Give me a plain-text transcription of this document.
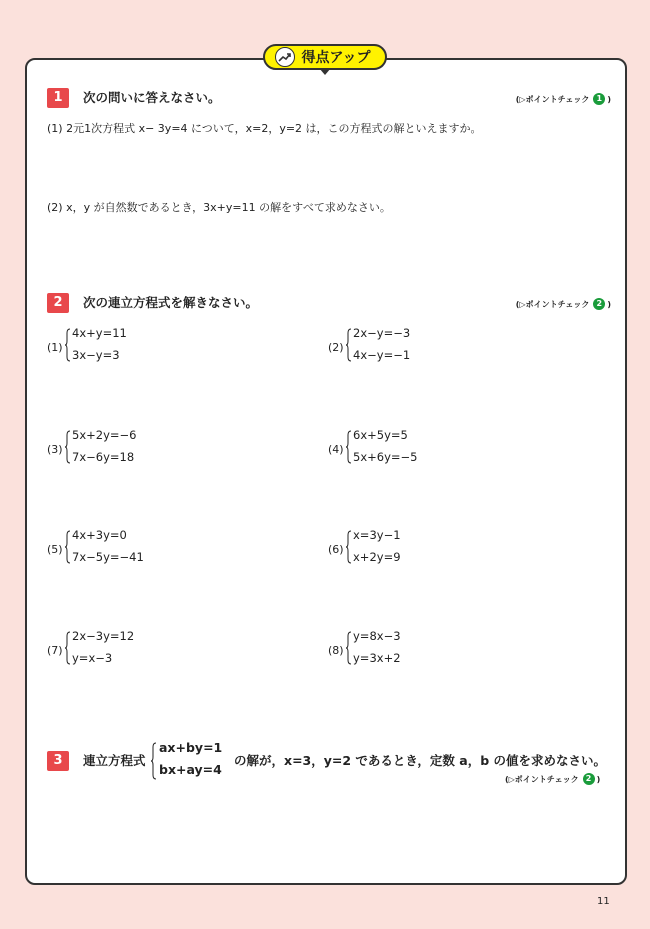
得点アップ
1	次の問いに答えなさい。	(▷ポイントチェック 1 )
(1) 2元1次方程式 x− 3y=4 について，x=2，y=2 は，この方程式の解といえますか。
(2) x，y が自然数であるとき，3x+y=11 の解をすべて求めなさい。
2	次の連立方程式を解きなさい。	(▷ポイントチェック 2 )
(1)
4x+y=11
3x−y=3
(2)
2x−y=−3
4x−y=−1
(3)
5x+2y=−6
7x−6y=18
(4)
6x+5y=5
5x+6y=−5
(5)
4x+3y=0
7x−5y=−41
(6)
x=3y−1
x+2y=9
(7)
2x−3y=12
y=x−3
(8)
y=8x−3
y=3x+2
3	連立方程式
ax+by=1
bx+ay=4
の解が，x=3，y=2 であるとき，定数 a，b の値を求めなさい。
(▷ポイントチェック 2 )
11
